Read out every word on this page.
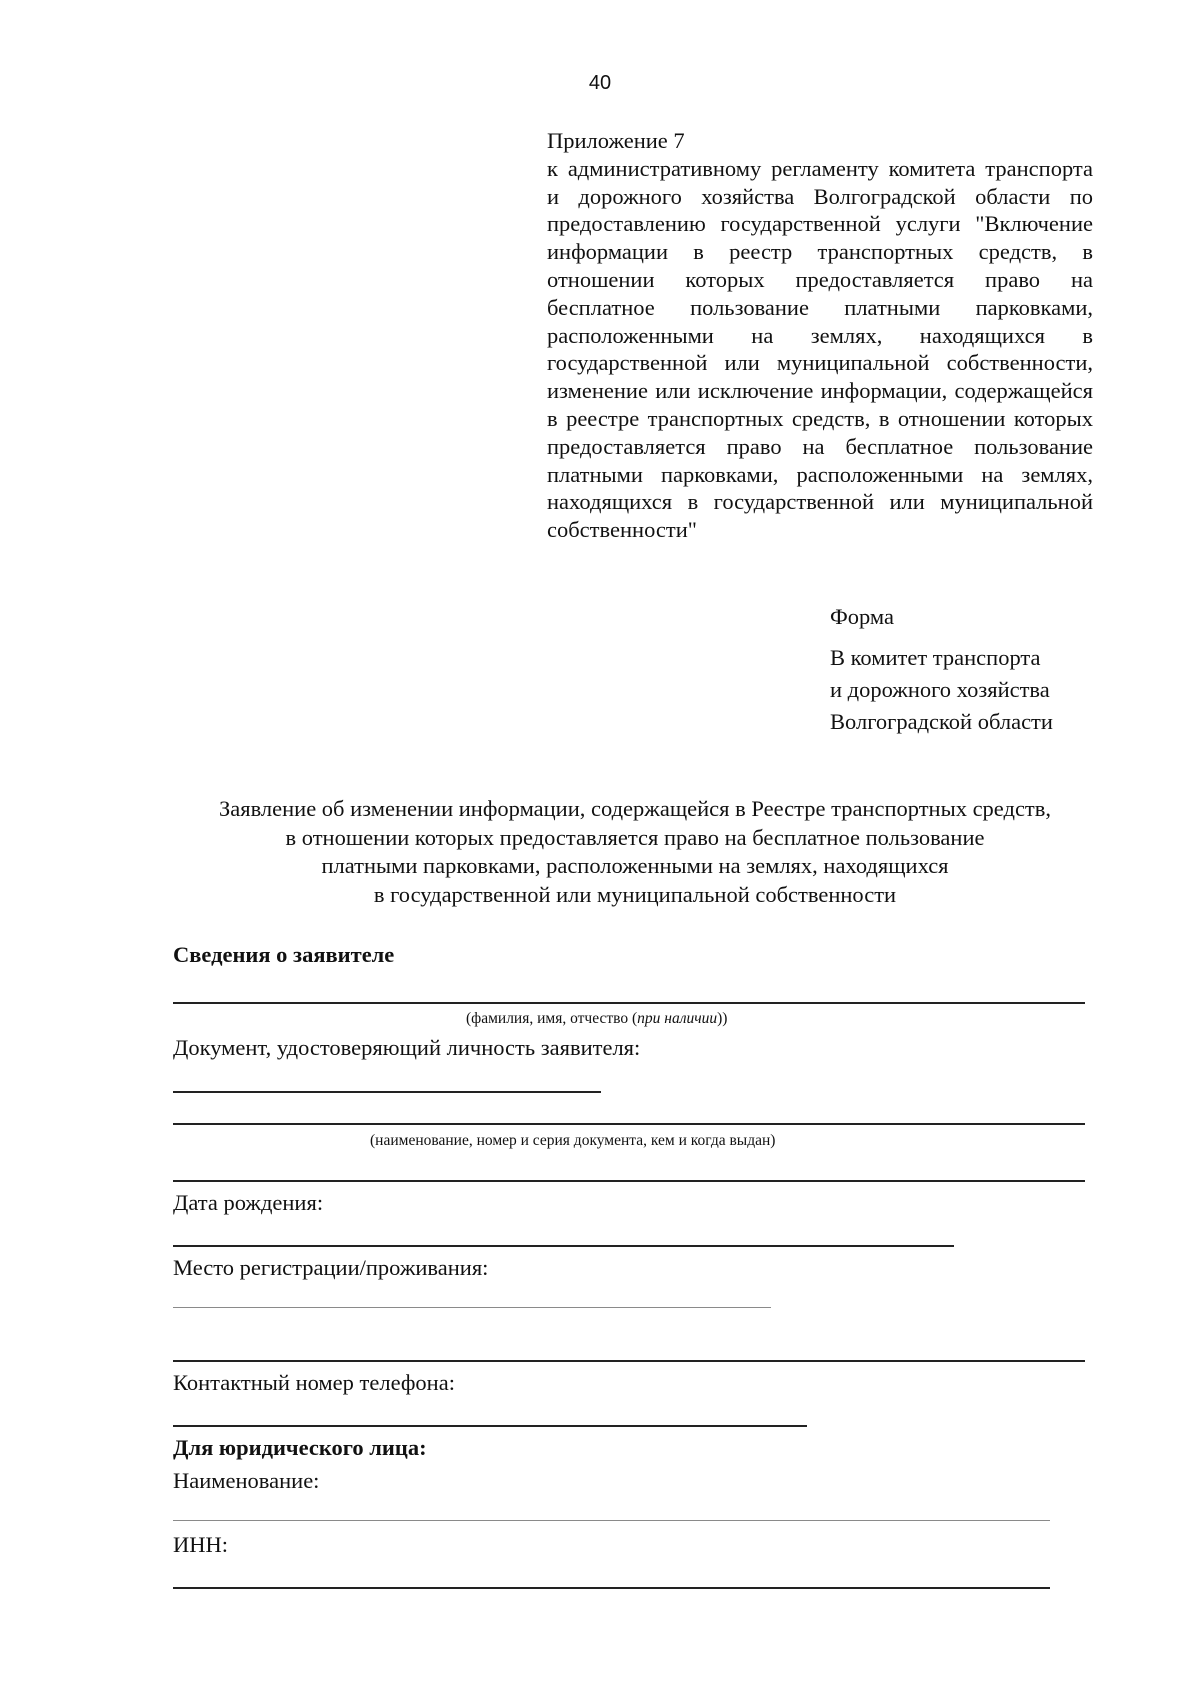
40
Приложение 7
к административному регламенту комитета транспорта и дорожного хозяйства Волгоградской области по предоставлению государственной услуги "Включение информации в реестр транспортных средств, в отношении которых предоставляется право на бесплатное пользование платными парковками, расположенными на землях, находящихся в государственной или муниципальной собственности, изменение или исключение информации, содержащейся в реестре транспортных средств, в отношении которых предоставляется право на бесплатное пользование платными парковками, расположенными на землях, находящихся в государственной или муниципальной собственности"
Форма
В комитет транспорта
и дорожного хозяйства
Волгоградской области
Заявление об изменении информации, содержащейся в Реестре транспортных средств,
в отношении которых предоставляется право на бесплатное пользование
платными парковками, расположенными на землях, находящихся
в государственной или муниципальной собственности
Сведения о заявителе
(фамилия, имя, отчество (при наличии))
Документ, удостоверяющий личность заявителя:
(наименование, номер и серия документа, кем и когда выдан)
Дата рождения:
Место регистрации/проживания:
Контактный номер телефона:
Для юридического лица:
Наименование:
ИНН:
